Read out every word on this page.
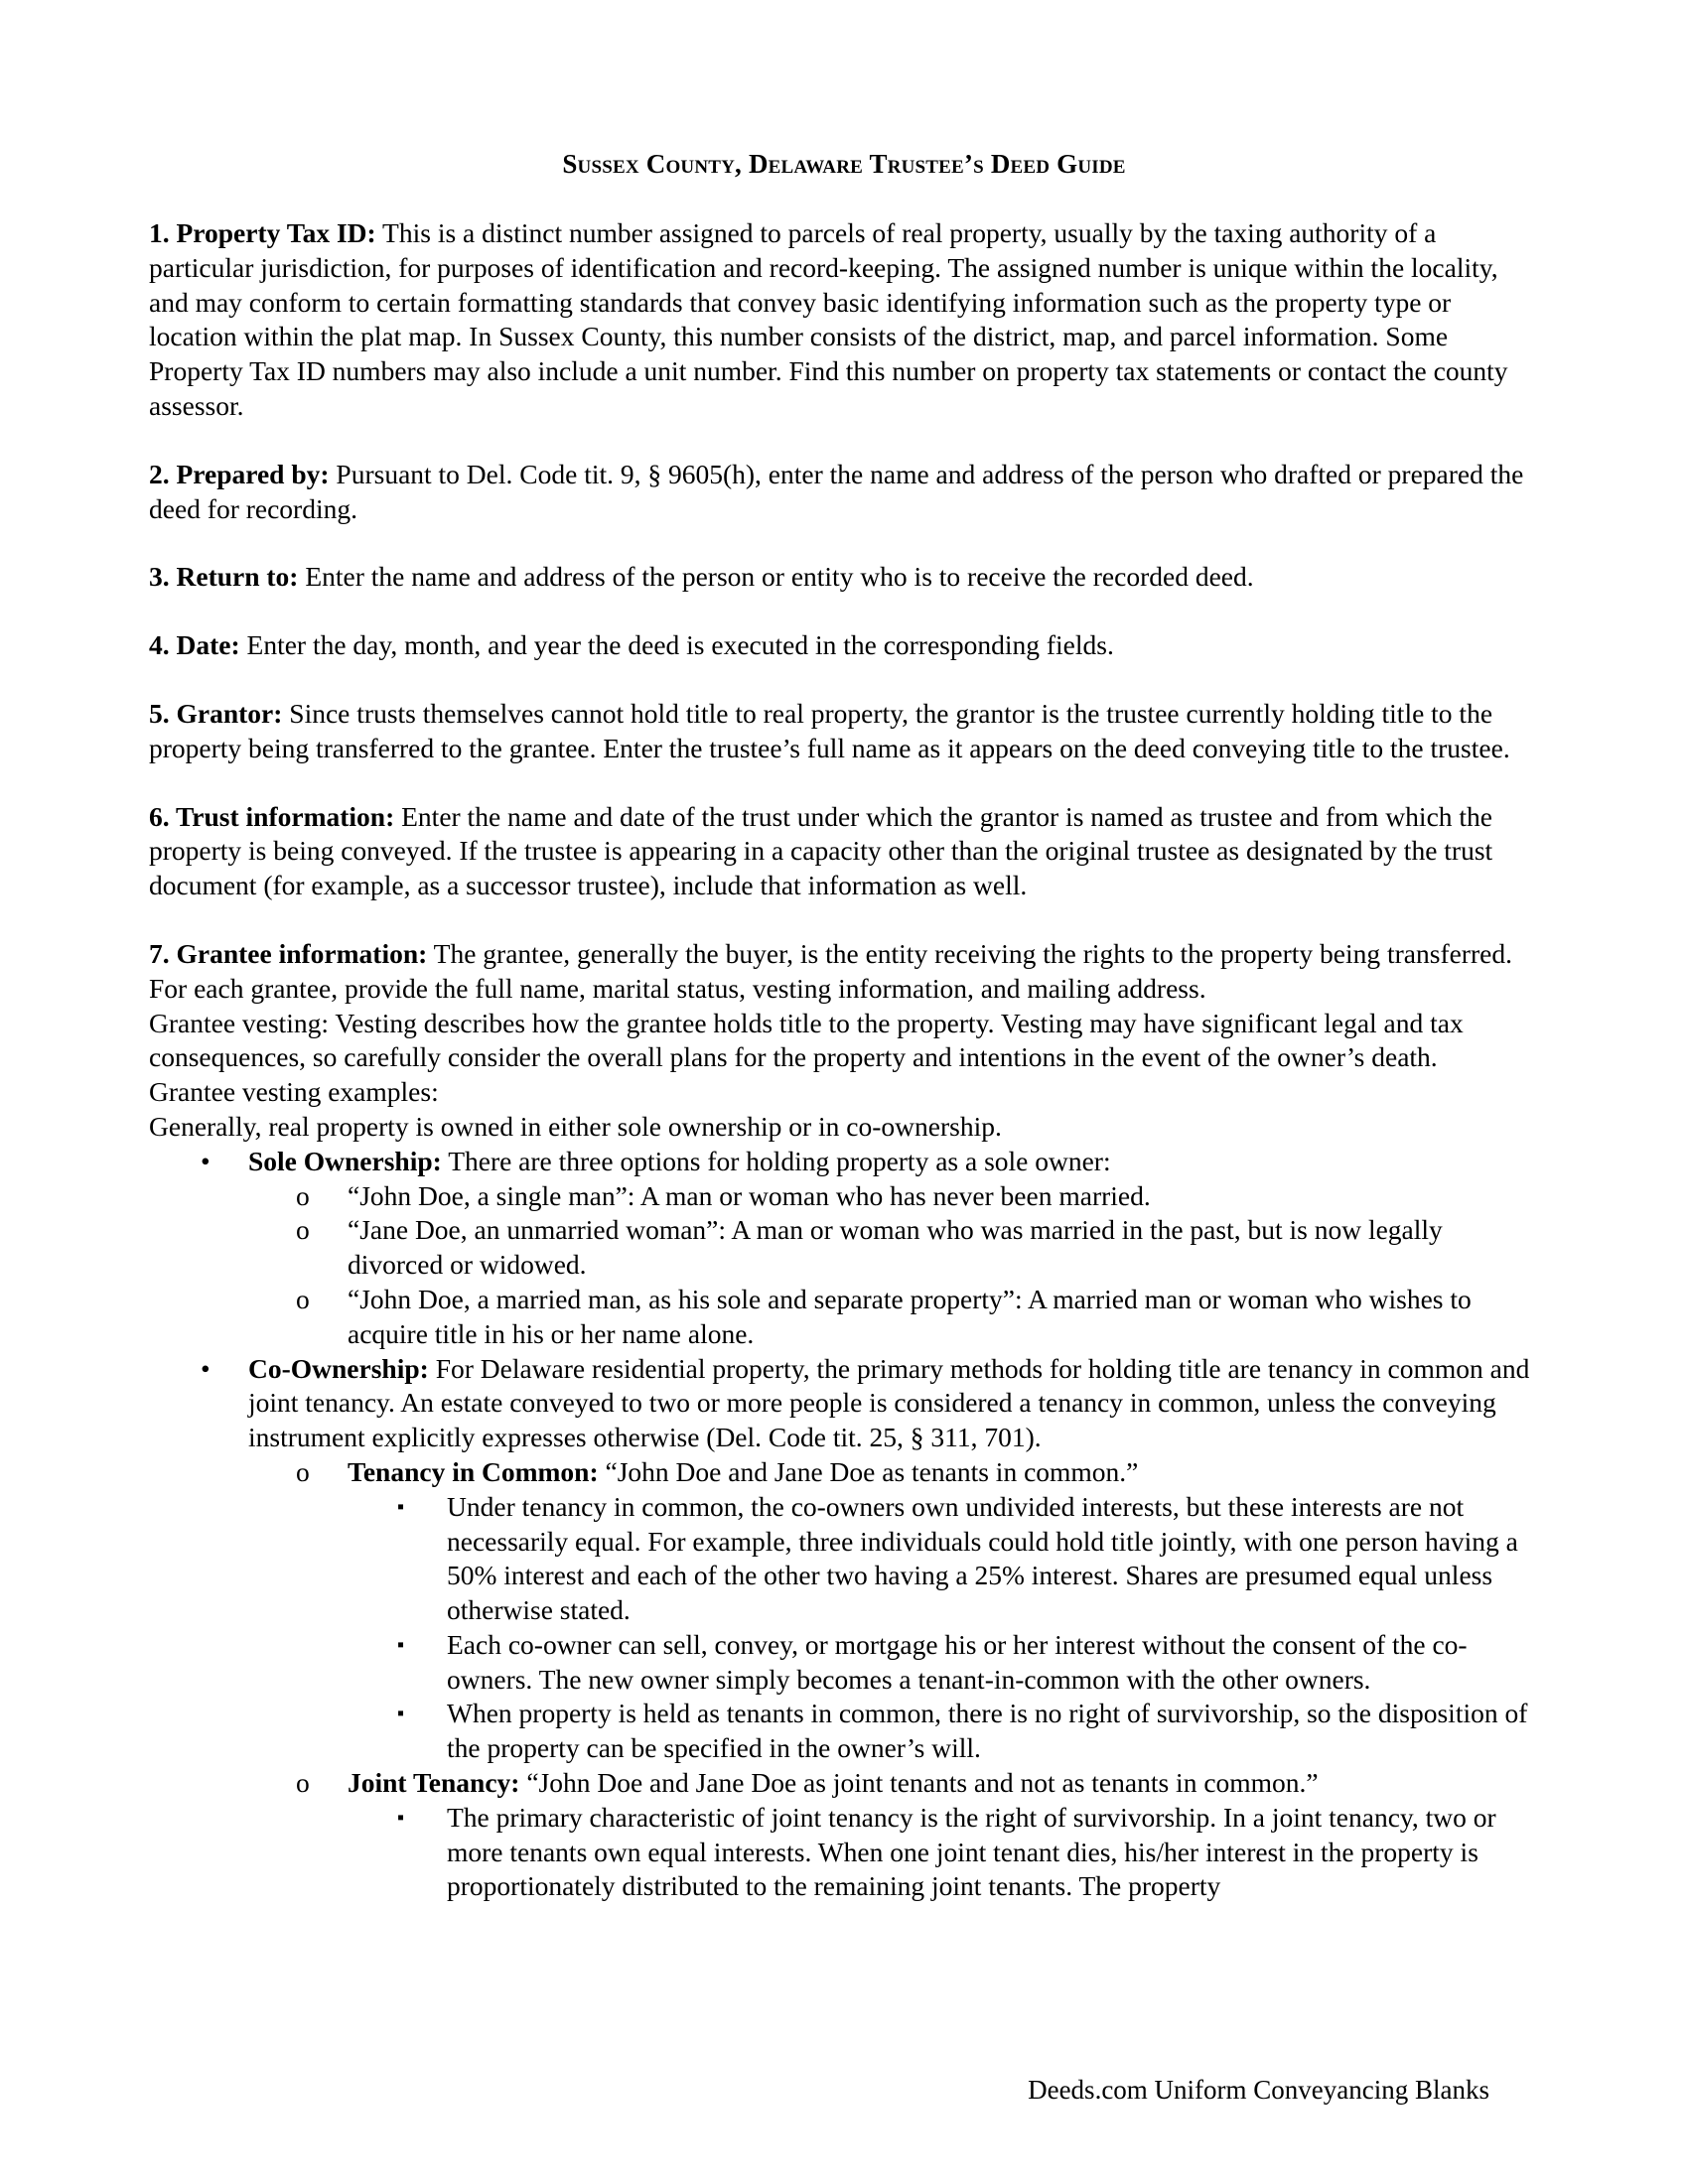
Sussex County, Delaware Trustee’s Deed Guide

1. Property Tax ID: This is a distinct number assigned to parcels of real property, usually by the taxing authority of a particular jurisdiction, for purposes of identification and record-keeping. The assigned number is unique within the locality, and may conform to certain formatting standards that convey basic identifying information such as the property type or location within the plat map. In Sussex County, this number consists of the district, map, and parcel information. Some Property Tax ID numbers may also include a unit number. Find this number on property tax statements or contact the county assessor.

2. Prepared by: Pursuant to Del. Code tit. 9, § 9605(h), enter the name and address of the person who drafted or prepared the deed for recording.

3. Return to: Enter the name and address of the person or entity who is to receive the recorded deed.

4. Date: Enter the day, month, and year the deed is executed in the corresponding fields.

5. Grantor: Since trusts themselves cannot hold title to real property, the grantor is the trustee currently holding title to the property being transferred to the grantee. Enter the trustee’s full name as it appears on the deed conveying title to the trustee.

6. Trust information: Enter the name and date of the trust under which the grantor is named as trustee and from which the property is being conveyed. If the trustee is appearing in a capacity other than the original trustee as designated by the trust document (for example, as a successor trustee), include that information as well.

7. Grantee information: The grantee, generally the buyer, is the entity receiving the rights to the property being transferred. For each grantee, provide the full name, marital status, vesting information, and mailing address.

Grantee vesting: Vesting describes how the grantee holds title to the property. Vesting may have significant legal and tax consequences, so carefully consider the overall plans for the property and intentions in the event of the owner’s death.

Grantee vesting examples:

Generally, real property is owned in either sole ownership or in co-ownership.

• Sole Ownership: There are three options for holding property as a sole owner:
o “John Doe, a single man”: A man or woman who has never been married.
o “Jane Doe, an unmarried woman”: A man or woman who was married in the past, but is now legally divorced or widowed.
o “John Doe, a married man, as his sole and separate property”: A married man or woman who wishes to acquire title in his or her name alone.
• Co-Ownership: For Delaware residential property, the primary methods for holding title are tenancy in common and joint tenancy. An estate conveyed to two or more people is considered a tenancy in common, unless the conveying instrument explicitly expresses otherwise (Del. Code tit. 25, § 311, 701).
o Tenancy in Common: “John Doe and Jane Doe as tenants in common.”
▪ Under tenancy in common, the co-owners own undivided interests, but these interests are not necessarily equal. For example, three individuals could hold title jointly, with one person having a 50% interest and each of the other two having a 25% interest. Shares are presumed equal unless otherwise stated.
▪ Each co-owner can sell, convey, or mortgage his or her interest without the consent of the co-owners. The new owner simply becomes a tenant-in-common with the other owners.
▪ When property is held as tenants in common, there is no right of survivorship, so the disposition of the property can be specified in the owner’s will.
o Joint Tenancy: “John Doe and Jane Doe as joint tenants and not as tenants in common.”
▪ The primary characteristic of joint tenancy is the right of survivorship. In a joint tenancy, two or more tenants own equal interests. When one joint tenant dies, his/her interest in the property is proportionately distributed to the remaining joint tenants. The property
Deeds.com Uniform Conveyancing Blanks
